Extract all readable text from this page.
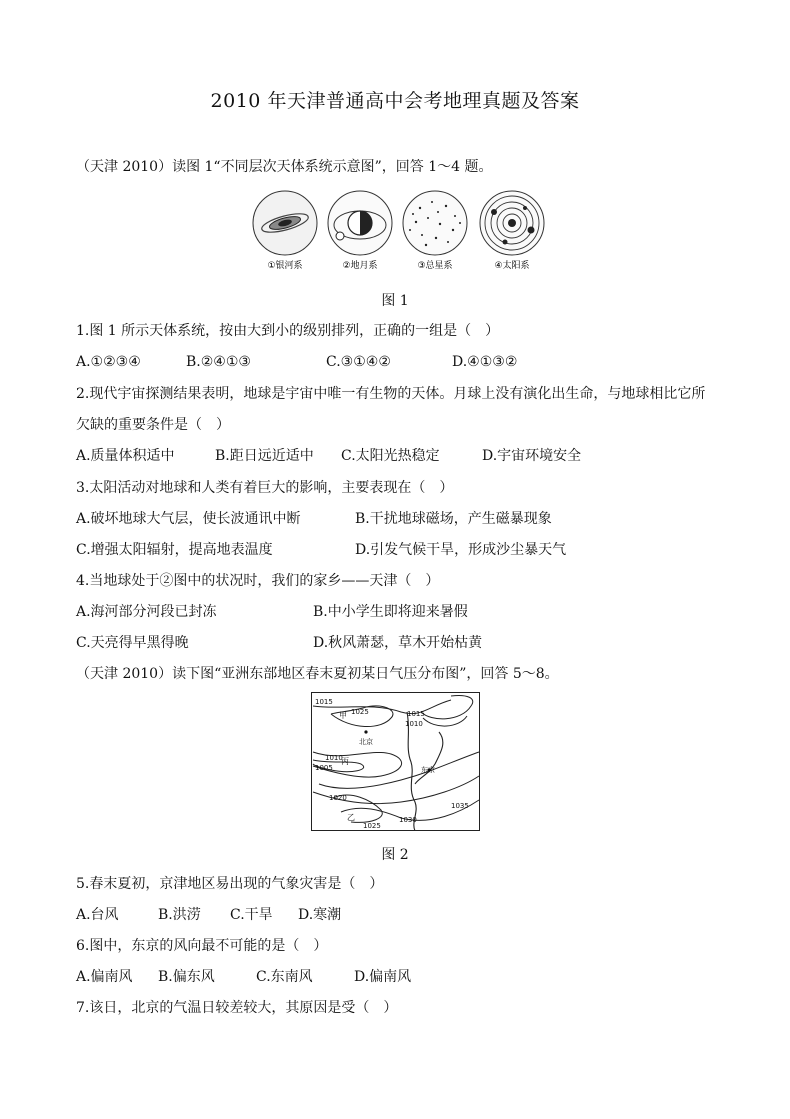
2010 年天津普通高中会考地理真题及答案
（天津 2010）读图 1“不同层次天体系统示意图”，回答 1～4 题。
①银河系	②地月系	③总星系	④太阳系
图 1
1.图 1 所示天体系统，按由大到小的级别排列，正确的一组是（　）
A.①②③④	B.②④①③	C.③①④②	D.④①③②
2.现代宇宙探测结果表明，地球是宇宙中唯一有生物的天体。月球上没有演化出生命，与地球相比它所
欠缺的重要条件是（　）
A.质量体积适中	B.距日远近适中 C.太阳光热稳定	D.宇宙环境安全
3.太阳活动对地球和人类有着巨大的影响，主要表现在（　）
A.破坏地球大气层，使长波通讯中断	B.干扰地球磁场，产生磁暴现象
C.增强太阳辐射，提高地表温度	D.引发气候干旱，形成沙尘暴天气
4.当地球处于②图中的状况时，我们的家乡——天津（　）
A.海河部分河段已封冻	B.中小学生即将迎来暑假
C.天亮得早黑得晚	D.秋风萧瑟，草木开始枯黄
（天津 2010）读下图“亚洲东部地区春末夏初某日气压分布图”，回答 5～8。
1015
1025	1015
1010
1010
1005
1020
1025
1030
1035
甲
北京
丙
东京
乙
图 2
5.春末夏初，京津地区易出现的气象灾害是（　）
A.台风	B.洪涝 C.干旱 D.寒潮
6.图中，东京的风向最不可能的是（　）
A.偏南风 B.偏东风	C.东南风	D.偏南风
7.该日，北京的气温日较差较大，其原因是受（　）
